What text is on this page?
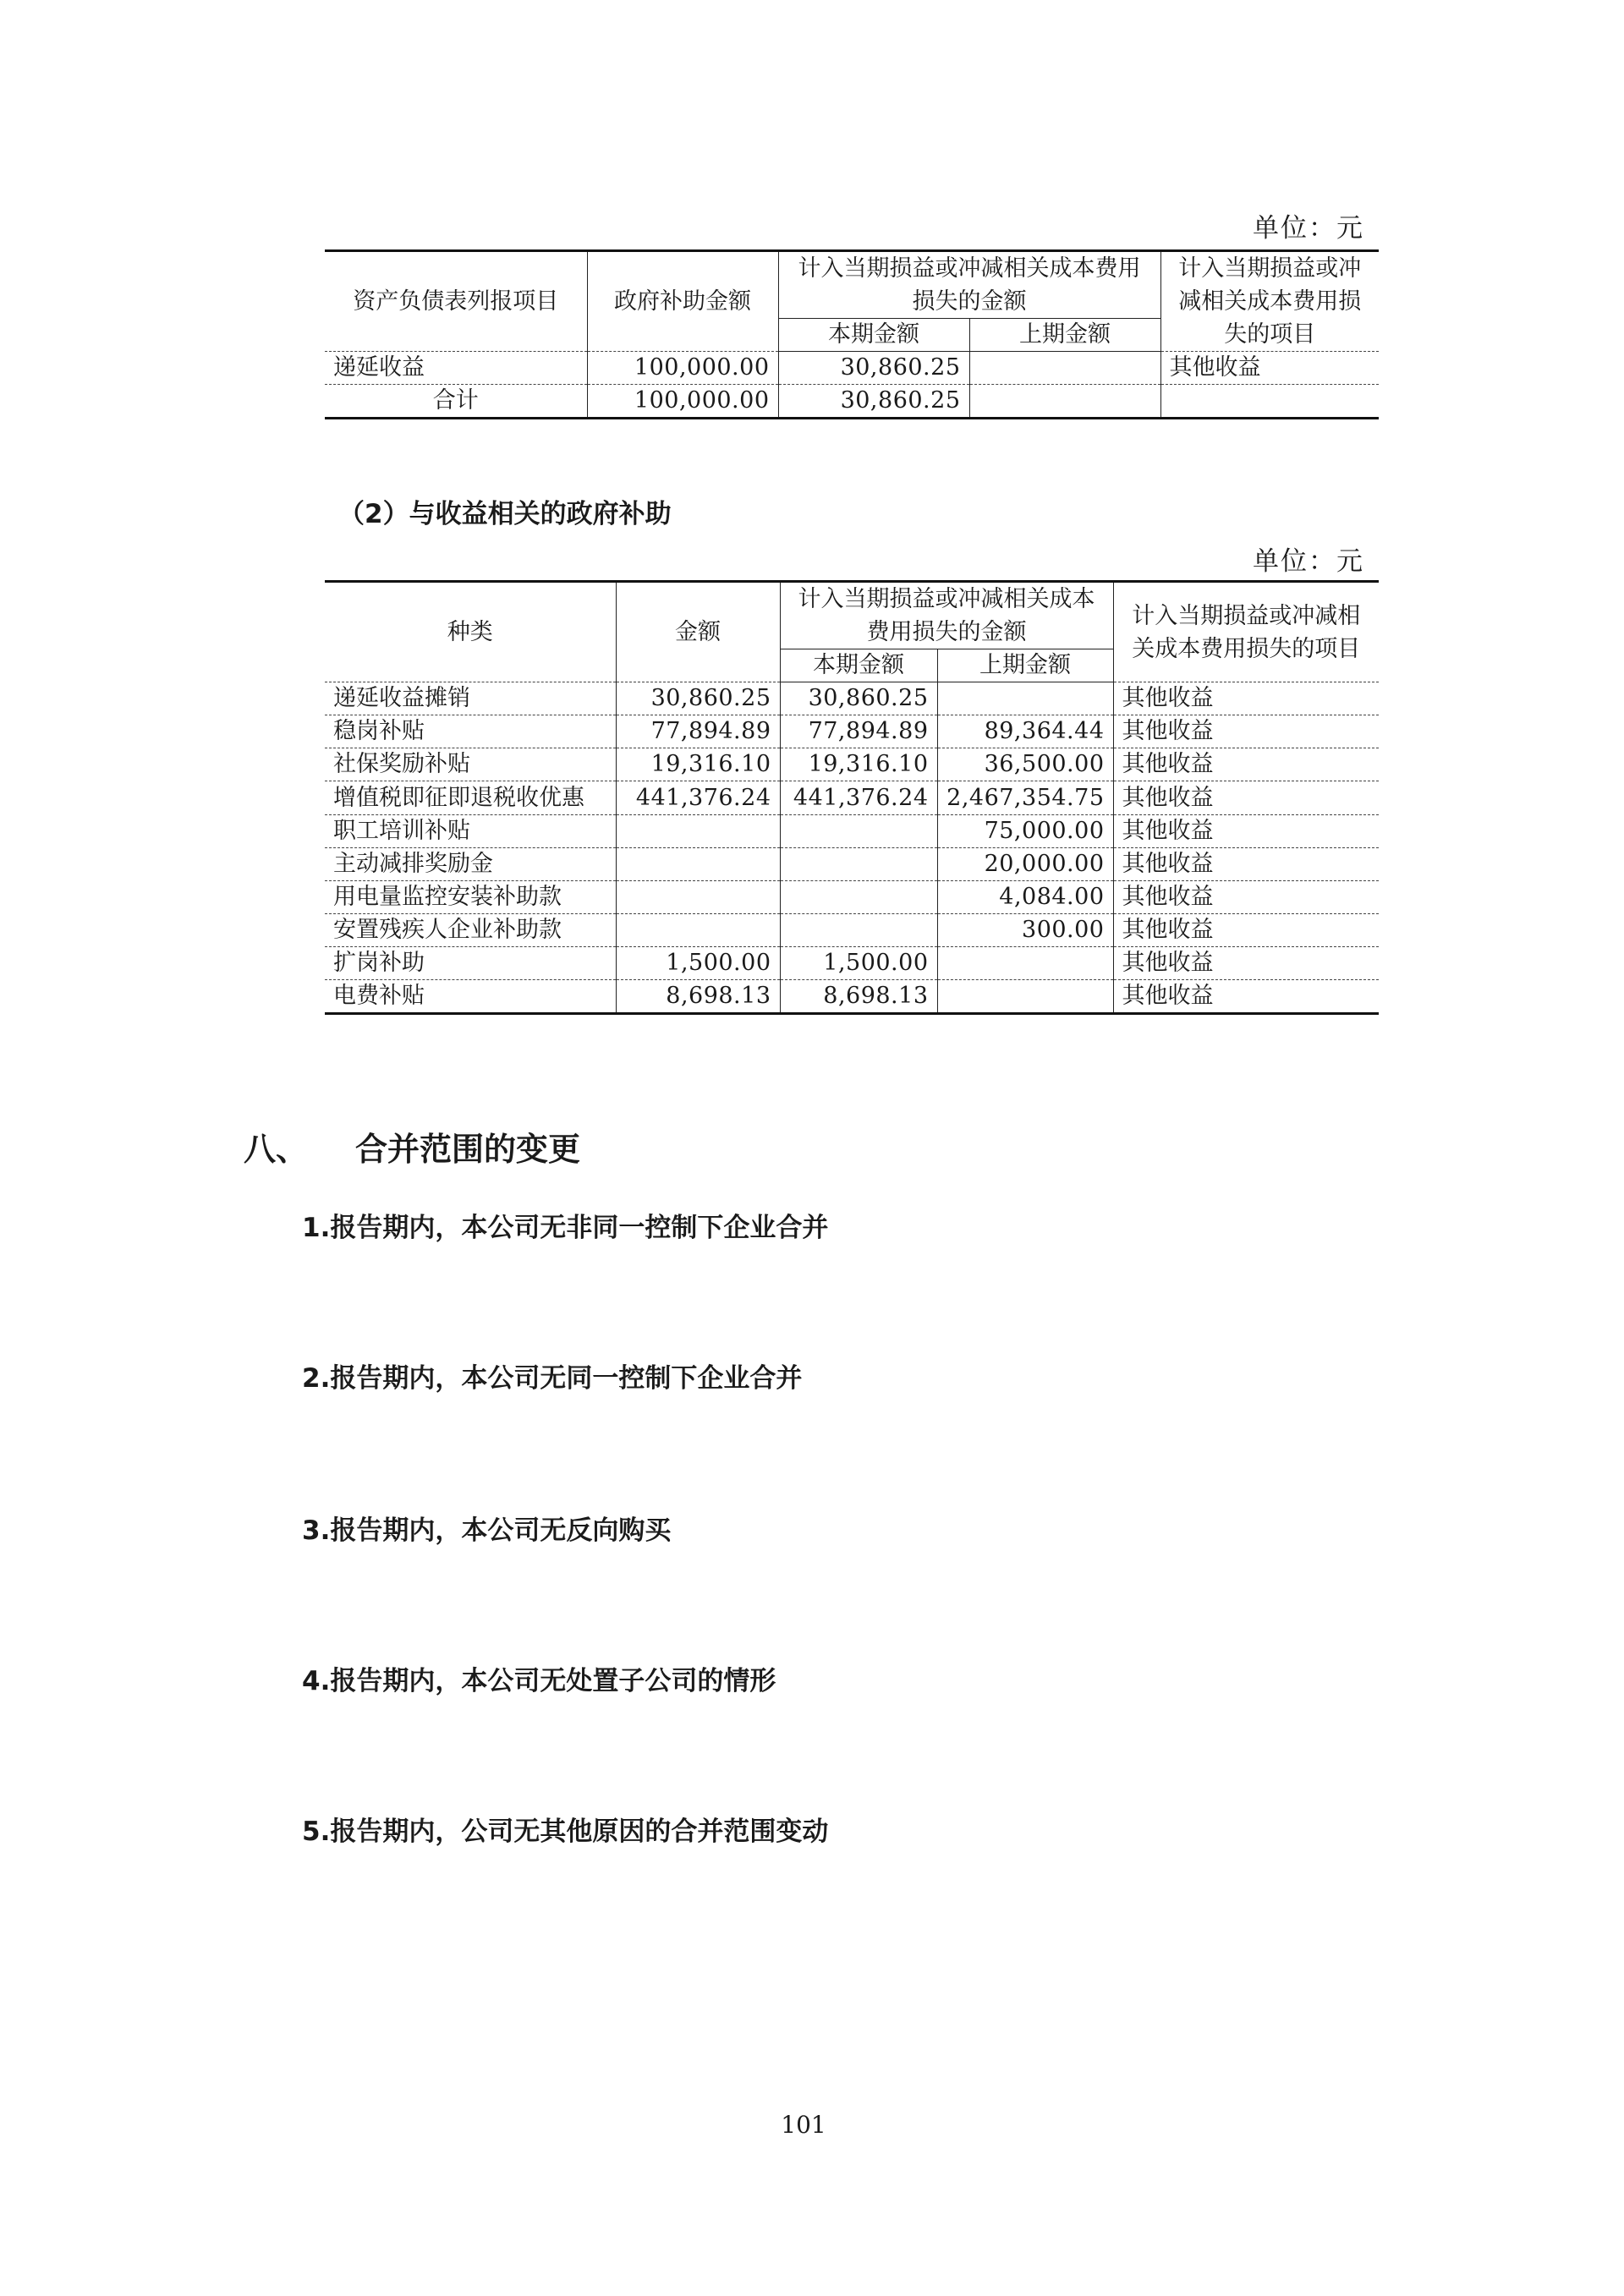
单位：元
资产负债表列报项目	政府补助金额	计入当期损益或冲减相关成本费用损失的金额		计入当期损益或冲减相关成本费用损失的项目
		本期金额	上期金额	
递延收益	100,000.00	30,860.25		其他收益
合计	100,000.00	30,860.25		
（2）与收益相关的政府补助
单位：元
种类	金额	计入当期损益或冲减相关成本费用损失的金额		计入当期损益或冲减相关成本费用损失的项目
		本期金额	上期金额	
递延收益摊销	30,860.25	30,860.25		其他收益
稳岗补贴	77,894.89	77,894.89	89,364.44	其他收益
社保奖励补贴	19,316.10	19,316.10	36,500.00	其他收益
增值税即征即退税收优惠	441,376.24	441,376.24	2,467,354.75	其他收益
职工培训补贴			75,000.00	其他收益
主动减排奖励金			20,000.00	其他收益
用电量监控安装补助款			4,084.00	其他收益
安置残疾人企业补助款			300.00	其他收益
扩岗补助	1,500.00	1,500.00		其他收益
电费补贴	8,698.13	8,698.13		其他收益
八、 合并范围的变更
1.报告期内，本公司无非同一控制下企业合并
2.报告期内，本公司无同一控制下企业合并
3.报告期内，本公司无反向购买
4.报告期内，本公司无处置子公司的情形
5.报告期内，公司无其他原因的合并范围变动
101
